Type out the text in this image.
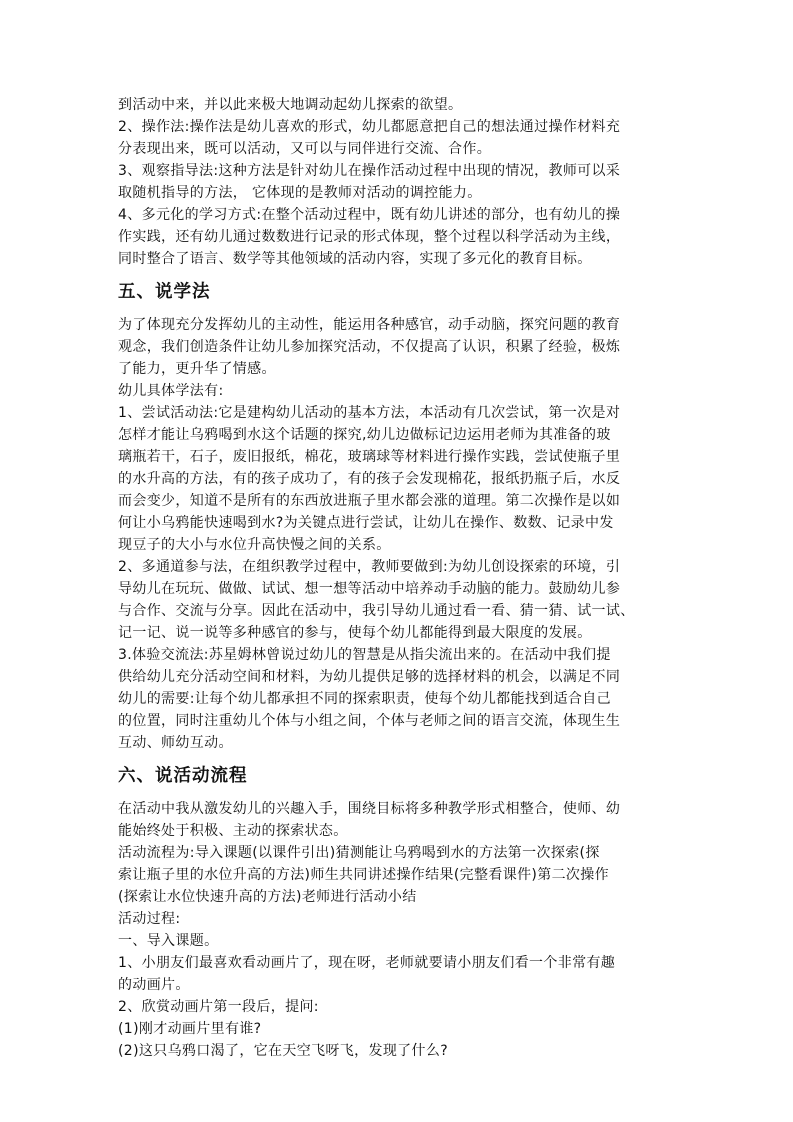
到活动中来，并以此来极大地调动起幼儿探索的欲望。

2、操作法:操作法是幼儿喜欢的形式，幼儿都愿意把自己的想法通过操作材料充

分表现出来，既可以活动，又可以与同伴进行交流、合作。

3、观察指导法:这种方法是针对幼儿在操作活动过程中出现的情况，教师可以采

取随机指导的方法， 它体现的是教师对活动的调控能力。

4、多元化的学习方式:在整个活动过程中，既有幼儿讲述的部分，也有幼儿的操

作实践，还有幼儿通过数数进行记录的形式体现，整个过程以科学活动为主线，

同时整合了语言、数学等其他领域的活动内容，实现了多元化的教育目标。

五、说学法

为了体现充分发挥幼儿的主动性，能运用各种感官，动手动脑，探究问题的教育

观念，我们创造条件让幼儿参加探究活动，不仅提高了认识，积累了经验，极炼

了能力，更升华了情感。

幼儿具体学法有:

1、尝试活动法:它是建构幼儿活动的基本方法，本活动有几次尝试，第一次是对

怎样才能让乌鸦喝到水这个话题的探究,幼儿边做标记边运用老师为其准备的玻

璃瓶若干，石子，废旧报纸，棉花，玻璃球等材料进行操作实践，尝试使瓶子里

的水升高的方法，有的孩子成功了，有的孩子会发现棉花，报纸扔瓶子后，水反

而会变少，知道不是所有的东西放进瓶子里水都会涨的道理。第二次操作是以如

何让小乌鸦能快速喝到水?为关键点进行尝试，让幼儿在操作、数数、记录中发

现豆子的大小与水位升高快慢之间的关系。

2、多通道参与法，在组织教学过程中，教师要做到:为幼儿创设探索的环境，引

导幼儿在玩玩、做做、试试、想一想等活动中培养动手动脑的能力。鼓励幼儿参

与合作、交流与分享。因此在活动中，我引导幼儿通过看一看、猜一猜、试一试、

记一记、说一说等多种感官的参与，使每个幼儿都能得到最大限度的发展。

3.体验交流法:苏星姆林曾说过幼儿的智慧是从指尖流出来的。在活动中我们提

供给幼儿充分活动空间和材料，为幼儿提供足够的选择材料的机会，以满足不同

幼儿的需要:让每个幼儿都承担不同的探索职责，使每个幼儿都能找到适合自己

的位置，同时注重幼儿个体与小组之间，个体与老师之间的语言交流，体现生生

互动、师幼互动。

六、说活动流程

在活动中我从激发幼儿的兴趣入手，围绕目标将多种教学形式相整合，使师、幼

能始终处于积极、主动的探索状态。

活动流程为:导入课题(以课件引出)猜测能让乌鸦喝到水的方法第一次探索(探

索让瓶子里的水位升高的方法)师生共同讲述操作结果(完整看课件)第二次操作

(探索让水位快速升高的方法)老师进行活动小结

活动过程:

一、导入课题。

1、小朋友们最喜欢看动画片了，现在呀，老师就要请小朋友们看一个非常有趣

的动画片。

2、欣赏动画片第一段后，提问:

(1)刚才动画片里有谁?

(2)这只乌鸦口渴了，它在天空飞呀飞，发现了什么?
